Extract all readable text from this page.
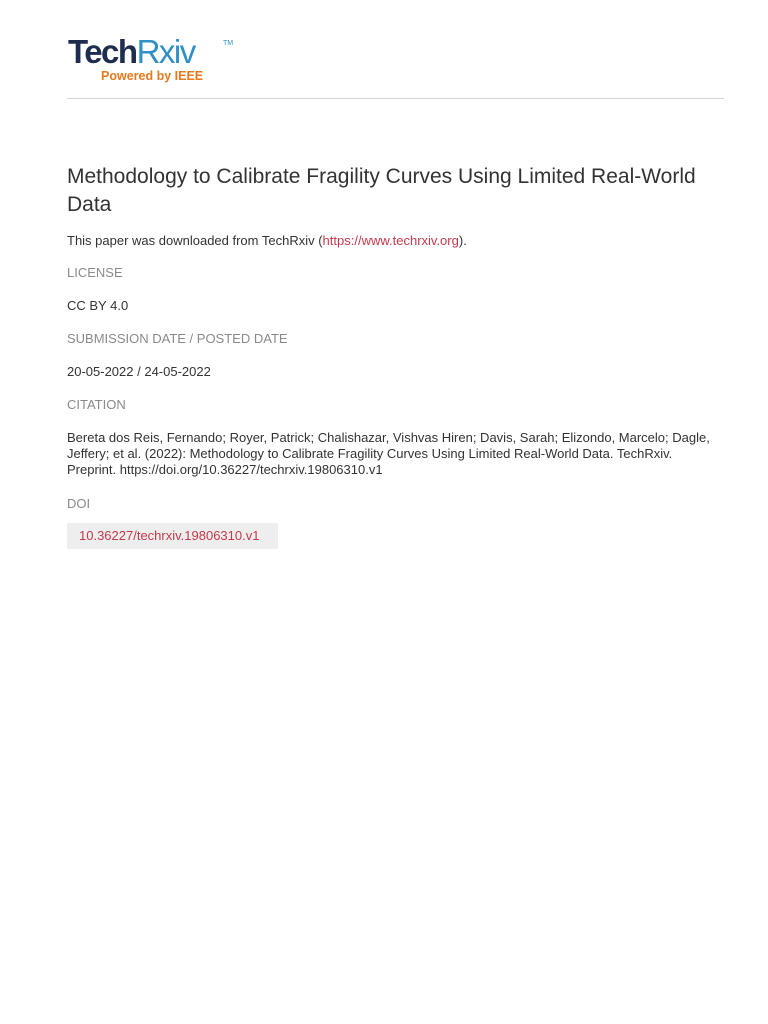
TechRxiv	TM
Powered by IEEE
Methodology to Calibrate Fragility Curves Using Limited Real-World Data
This paper was downloaded from TechRxiv (https://www.techrxiv.org).
LICENSE
CC BY 4.0
SUBMISSION DATE / POSTED DATE
20-05-2022 / 24-05-2022
CITATION
Bereta dos Reis, Fernando; Royer, Patrick; Chalishazar, Vishvas Hiren; Davis, Sarah; Elizondo, Marcelo; Dagle, Jeffery; et al. (2022): Methodology to Calibrate Fragility Curves Using Limited Real-World Data. TechRxiv. Preprint. https://doi.org/10.36227/techrxiv.19806310.v1
DOI
10.36227/techrxiv.19806310.v1
